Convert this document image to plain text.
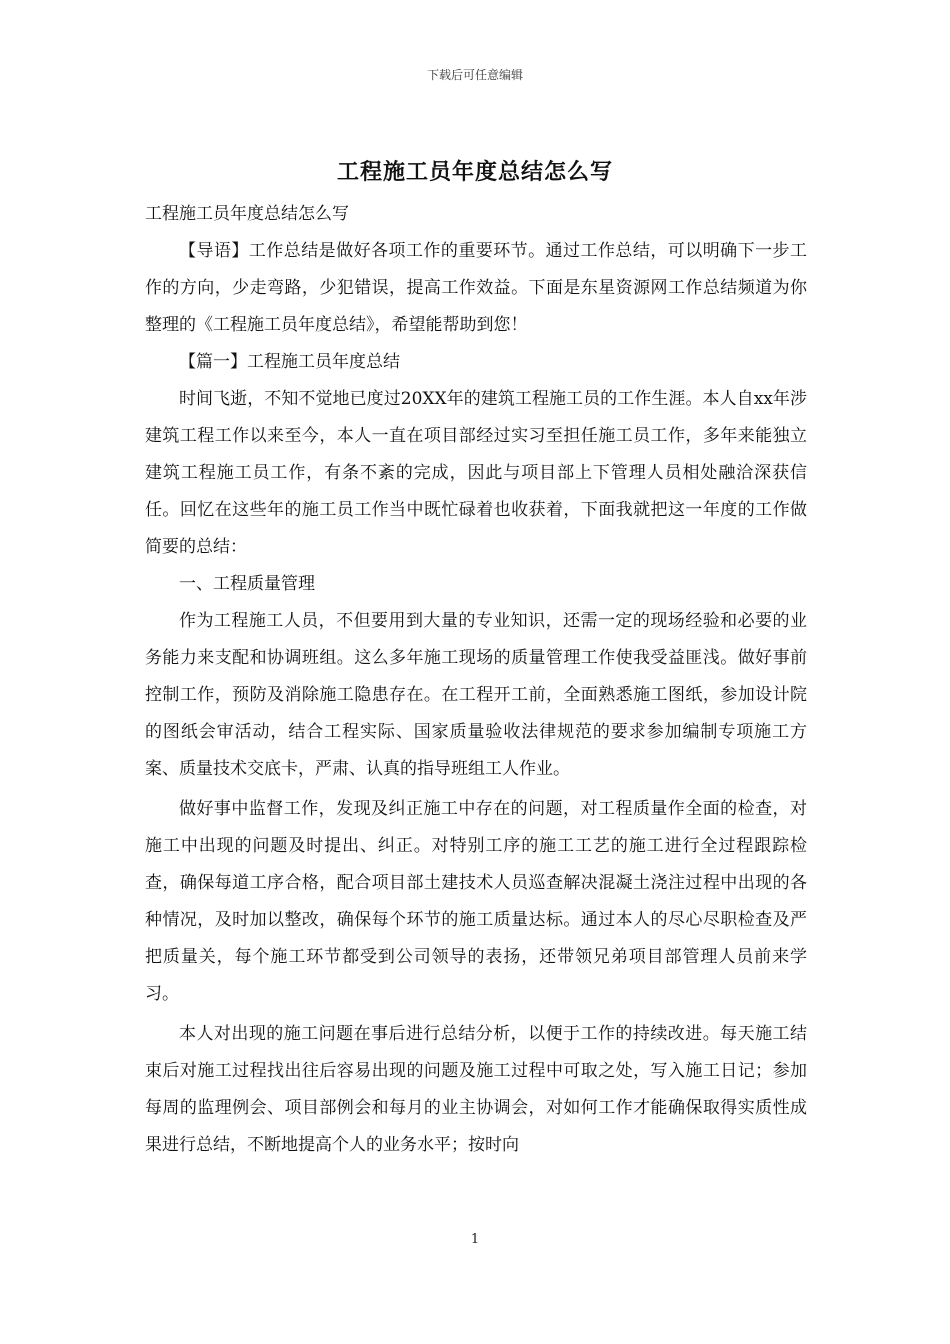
下载后可任意编辑
工程施工员年度总结怎么写

工程施工员年度总结怎么写

【导语】工作总结是做好各项工作的重要环节。通过工作总结，可以明确下一步工作的方向，少走弯路，少犯错误，提高工作效益。下面是东星资源网工作总结频道为你整理的《工程施工员年度总结》，希望能帮助到您！

【篇一】工程施工员年度总结

时间飞逝，不知不觉地已度过20XX年的建筑工程施工员的工作生涯。本人自xx年涉建筑工程工作以来至今，本人一直在项目部经过实习至担任施工员工作，多年来能独立建筑工程施工员工作，有条不紊的完成，因此与项目部上下管理人员相处融洽深获信任。回忆在这些年的施工员工作当中既忙碌着也收获着，下面我就把这一年度的工作做简要的总结：

一、工程质量管理

作为工程施工人员，不但要用到大量的专业知识，还需一定的现场经验和必要的业务能力来支配和协调班组。这么多年施工现场的质量管理工作使我受益匪浅。做好事前控制工作，预防及消除施工隐患存在。在工程开工前，全面熟悉施工图纸，参加设计院的图纸会审活动，结合工程实际、国家质量验收法律规范的要求参加编制专项施工方案、质量技术交底卡，严肃、认真的指导班组工人作业。

做好事中监督工作，发现及纠正施工中存在的问题，对工程质量作全面的检查，对施工中出现的问题及时提出、纠正。对特别工序的施工工艺的施工进行全过程跟踪检查，确保每道工序合格，配合项目部土建技术人员巡查解决混凝土浇注过程中出现的各种情况，及时加以整改，确保每个环节的施工质量达标。通过本人的尽心尽职检查及严把质量关，每个施工环节都受到公司领导的表扬，还带领兄弟项目部管理人员前来学习。

本人对出现的施工问题在事后进行总结分析，以便于工作的持续改进。每天施工结束后对施工过程找出往后容易出现的问题及施工过程中可取之处，写入施工日记；参加每周的监理例会、项目部例会和每月的业主协调会，对如何工作才能确保取得实质性成果进行总结，不断地提高个人的业务水平；按时向

1
